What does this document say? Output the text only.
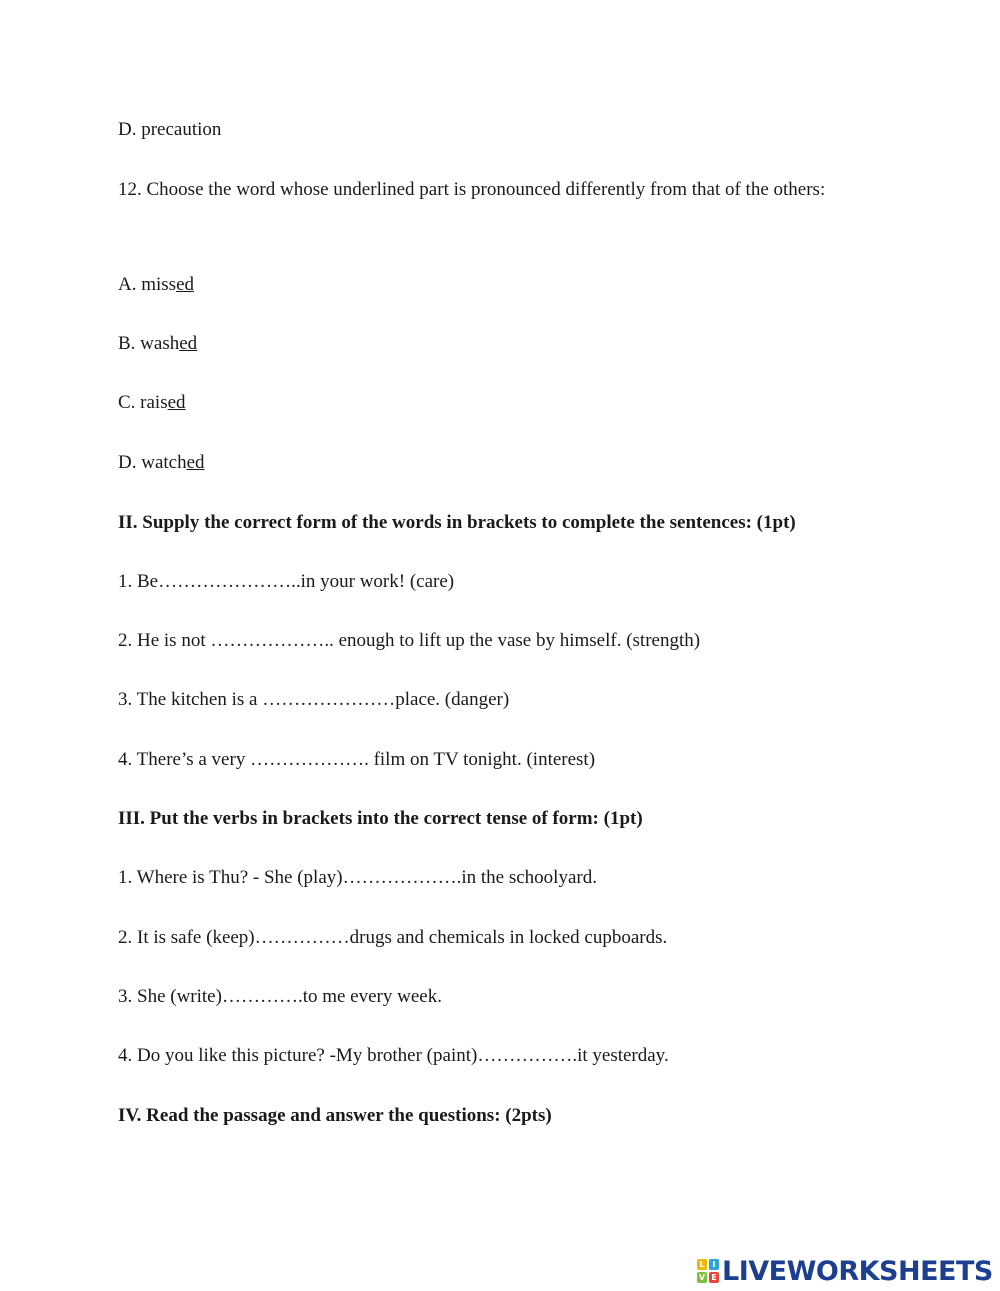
D. precaution
12. Choose the word whose underlined part is pronounced differently from that of the others:
A. missed
B. washed
C. raised
D. watched
II. Supply the correct form of the words in brackets to complete the sentences: (1pt)
1. Be…………………..in your work! (care)
2. He is not ……………….. enough to lift up the vase by himself. (strength)
3. The kitchen is a …………………place. (danger)
4. There’s a very ………………. film on TV tonight. (interest)
III. Put the verbs in brackets into the correct tense of form: (1pt)
1. Where is Thu? - She (play)……………….in the schoolyard.
2. It is safe (keep)……………drugs and chemicals in locked cupboards.
3. She (write)………….to me every week.
4. Do you like this picture? -My brother (paint)…………….it yesterday.
IV. Read the passage and answer the questions: (2pts)
L I
V E LIVEWORKSHEETS
